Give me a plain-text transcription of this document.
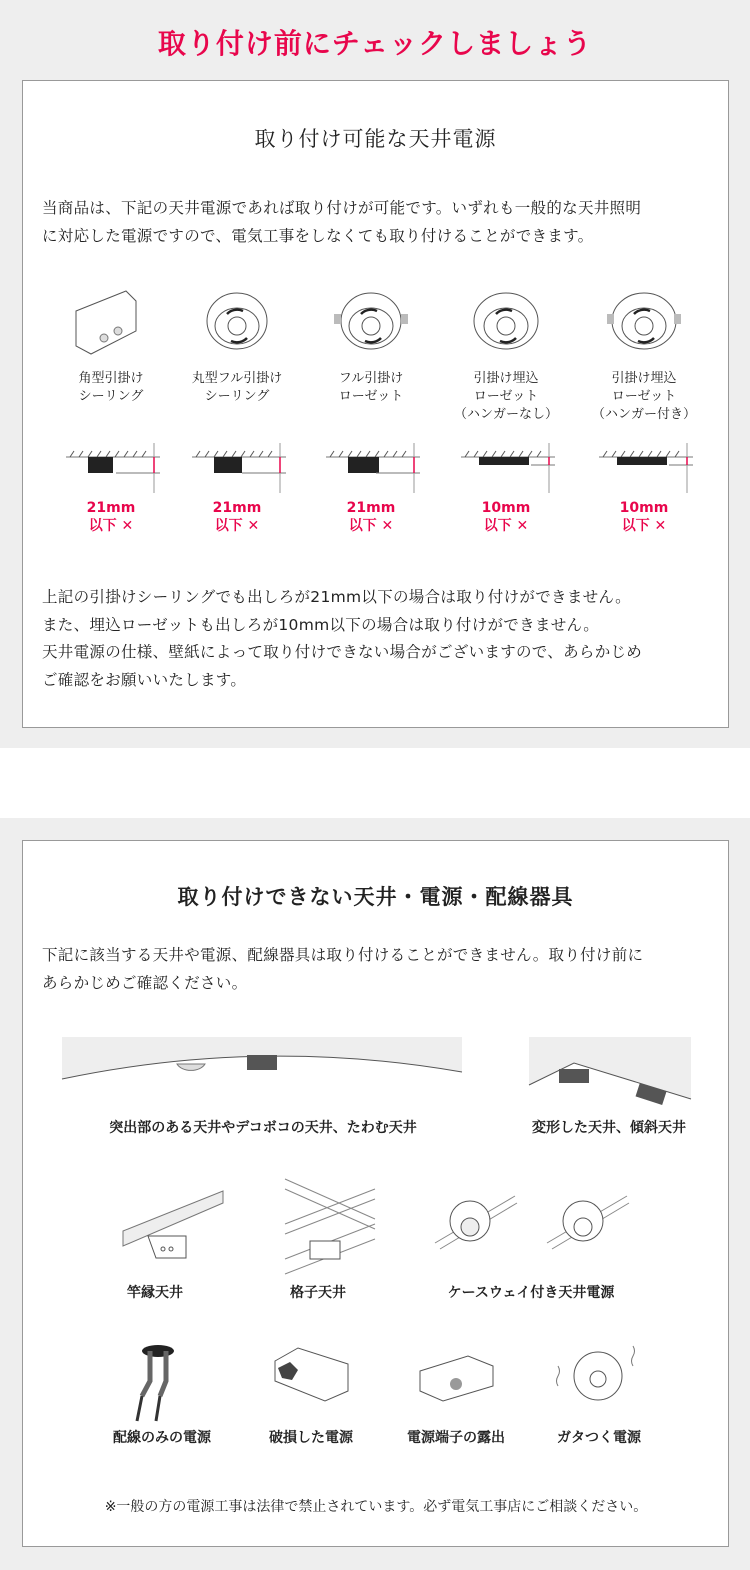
取り付け前にチェックしましょう
取り付け可能な天井電源
当商品は、下記の天井電源であれば取り付けが可能です。いずれも一般的な天井照明
に対応した電源ですので、電気工事をしなくても取り付けることができます。
角型引掛け
シーリング
21mm
以下 ✕
丸型フル引掛け
シーリング
21mm
以下 ✕
フル引掛け
ローゼット
21mm
以下 ✕
引掛け埋込
ローゼット
（ハンガーなし）
10mm
以下 ✕
引掛け埋込
ローゼット
（ハンガー付き）
10mm
以下 ✕
上記の引掛けシーリングでも出しろが21mm以下の場合は取り付けができません。
また、埋込ローゼットも出しろが10mm以下の場合は取り付けができません。
天井電源の仕様、壁紙によって取り付けできない場合がございますので、あらかじめ
ご確認をお願いいたします。
取り付けできない天井・電源・配線器具
下記に該当する天井や電源、配線器具は取り付けることができません。取り付け前に
あらかじめご確認ください。
突出部のある天井やデコボコの天井、たわむ天井	変形した天井、傾斜天井
竿縁天井	格子天井	ケースウェイ付き天井電源
配線のみの電源	破損した電源	電源端子の露出	ガタつく電源
※一般の方の電源工事は法律で禁止されています。必ず電気工事店にご相談ください。
